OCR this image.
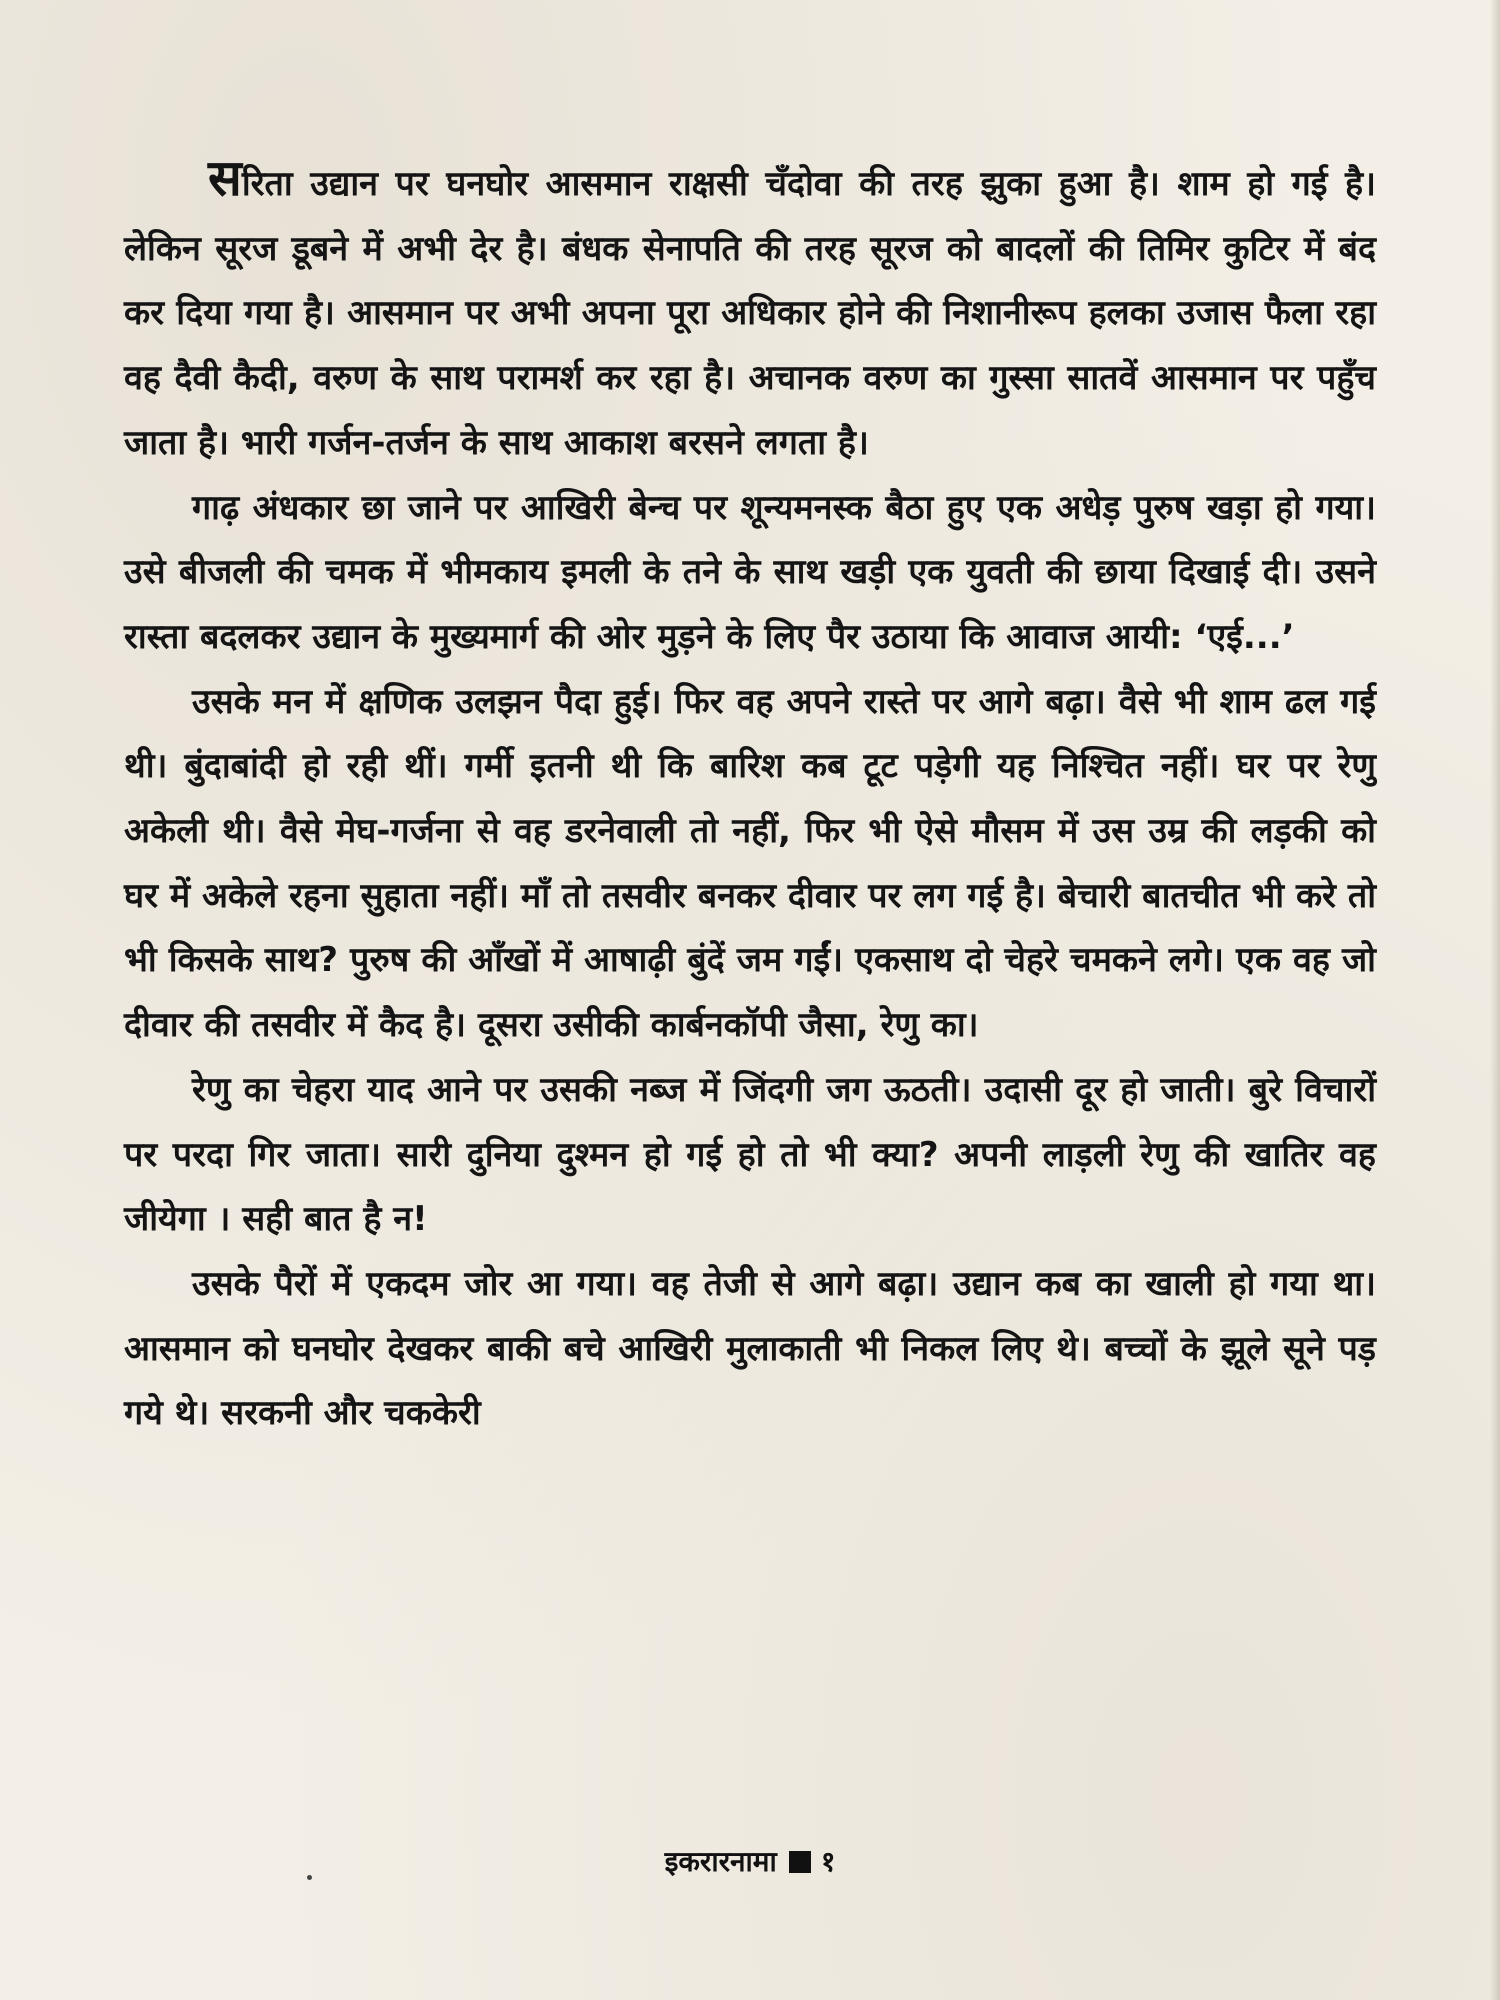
सरिता उद्यान पर घनघोर आसमान राक्षसी चँदोवा की तरह झुका हुआ है। शाम हो गई है। लेकिन सूरज डूबने में अभी देर है। बंधक सेनापति की तरह सूरज को बादलों की तिमिर कुटिर में बंद कर दिया गया है। आसमान पर अभी अपना पूरा अधिकार होने की निशानीरूप हलका उजास फैला रहा वह दैवी कैदी, वरुण के साथ परामर्श कर रहा है। अचानक वरुण का गुस्सा सातवें आसमान पर पहुँच जाता है। भारी गर्जन-तर्जन के साथ आकाश बरसने लगता है।

गाढ़ अंधकार छा जाने पर आखिरी बेन्च पर शून्यमनस्क बैठा हुए एक अधेड़ पुरुष खड़ा हो गया। उसे बीजली की चमक में भीमकाय इमली के तने के साथ खड़ी एक युवती की छाया दिखाई दी। उसने रास्ता बदलकर उद्यान के मुख्यमार्ग की ओर मुड़ने के लिए पैर उठाया कि आवाज आयी: ‘एई...’

उसके मन में क्षणिक उलझन पैदा हुई। फिर वह अपने रास्ते पर आगे बढ़ा। वैसे भी शाम ढल गई थी। बुंदाबांदी हो रही थीं। गर्मी इतनी थी कि बारिश कब टूट पड़ेगी यह निश्चित नहीं। घर पर रेणु अकेली थी। वैसे मेघ-गर्जना से वह डरनेवाली तो नहीं, फिर भी ऐसे मौसम में उस उम्र की लड़की को घर में अकेले रहना सुहाता नहीं। माँ तो तसवीर बनकर दीवार पर लग गई है। बेचारी बातचीत भी करे तो भी किसके साथ? पुरुष की आँखों में आषाढ़ी बुंदें जम गईं। एकसाथ दो चेहरे चमकने लगे। एक वह जो दीवार की तसवीर में कैद है। दूसरा उसीकी कार्बनकॉपी जैसा, रेणु का।

रेणु का चेहरा याद आने पर उसकी नब्ज में जिंदगी जग ऊठती। उदासी दूर हो जाती। बुरे विचारों पर परदा गिर जाता। सारी दुनिया दुश्मन हो गई हो तो भी क्या? अपनी लाड़ली रेणु की खातिर वह जीयेगा । सही बात है न!

उसके पैरों में एकदम जोर आ गया। वह तेजी से आगे बढ़ा। उद्यान कब का खाली हो गया था। आसमान को घनघोर देखकर बाकी बचे आखिरी मुलाकाती भी निकल लिए थे। बच्चों के झूले सूने पड़ गये थे। सरकनी और चककेरी

इकरारनामा १
